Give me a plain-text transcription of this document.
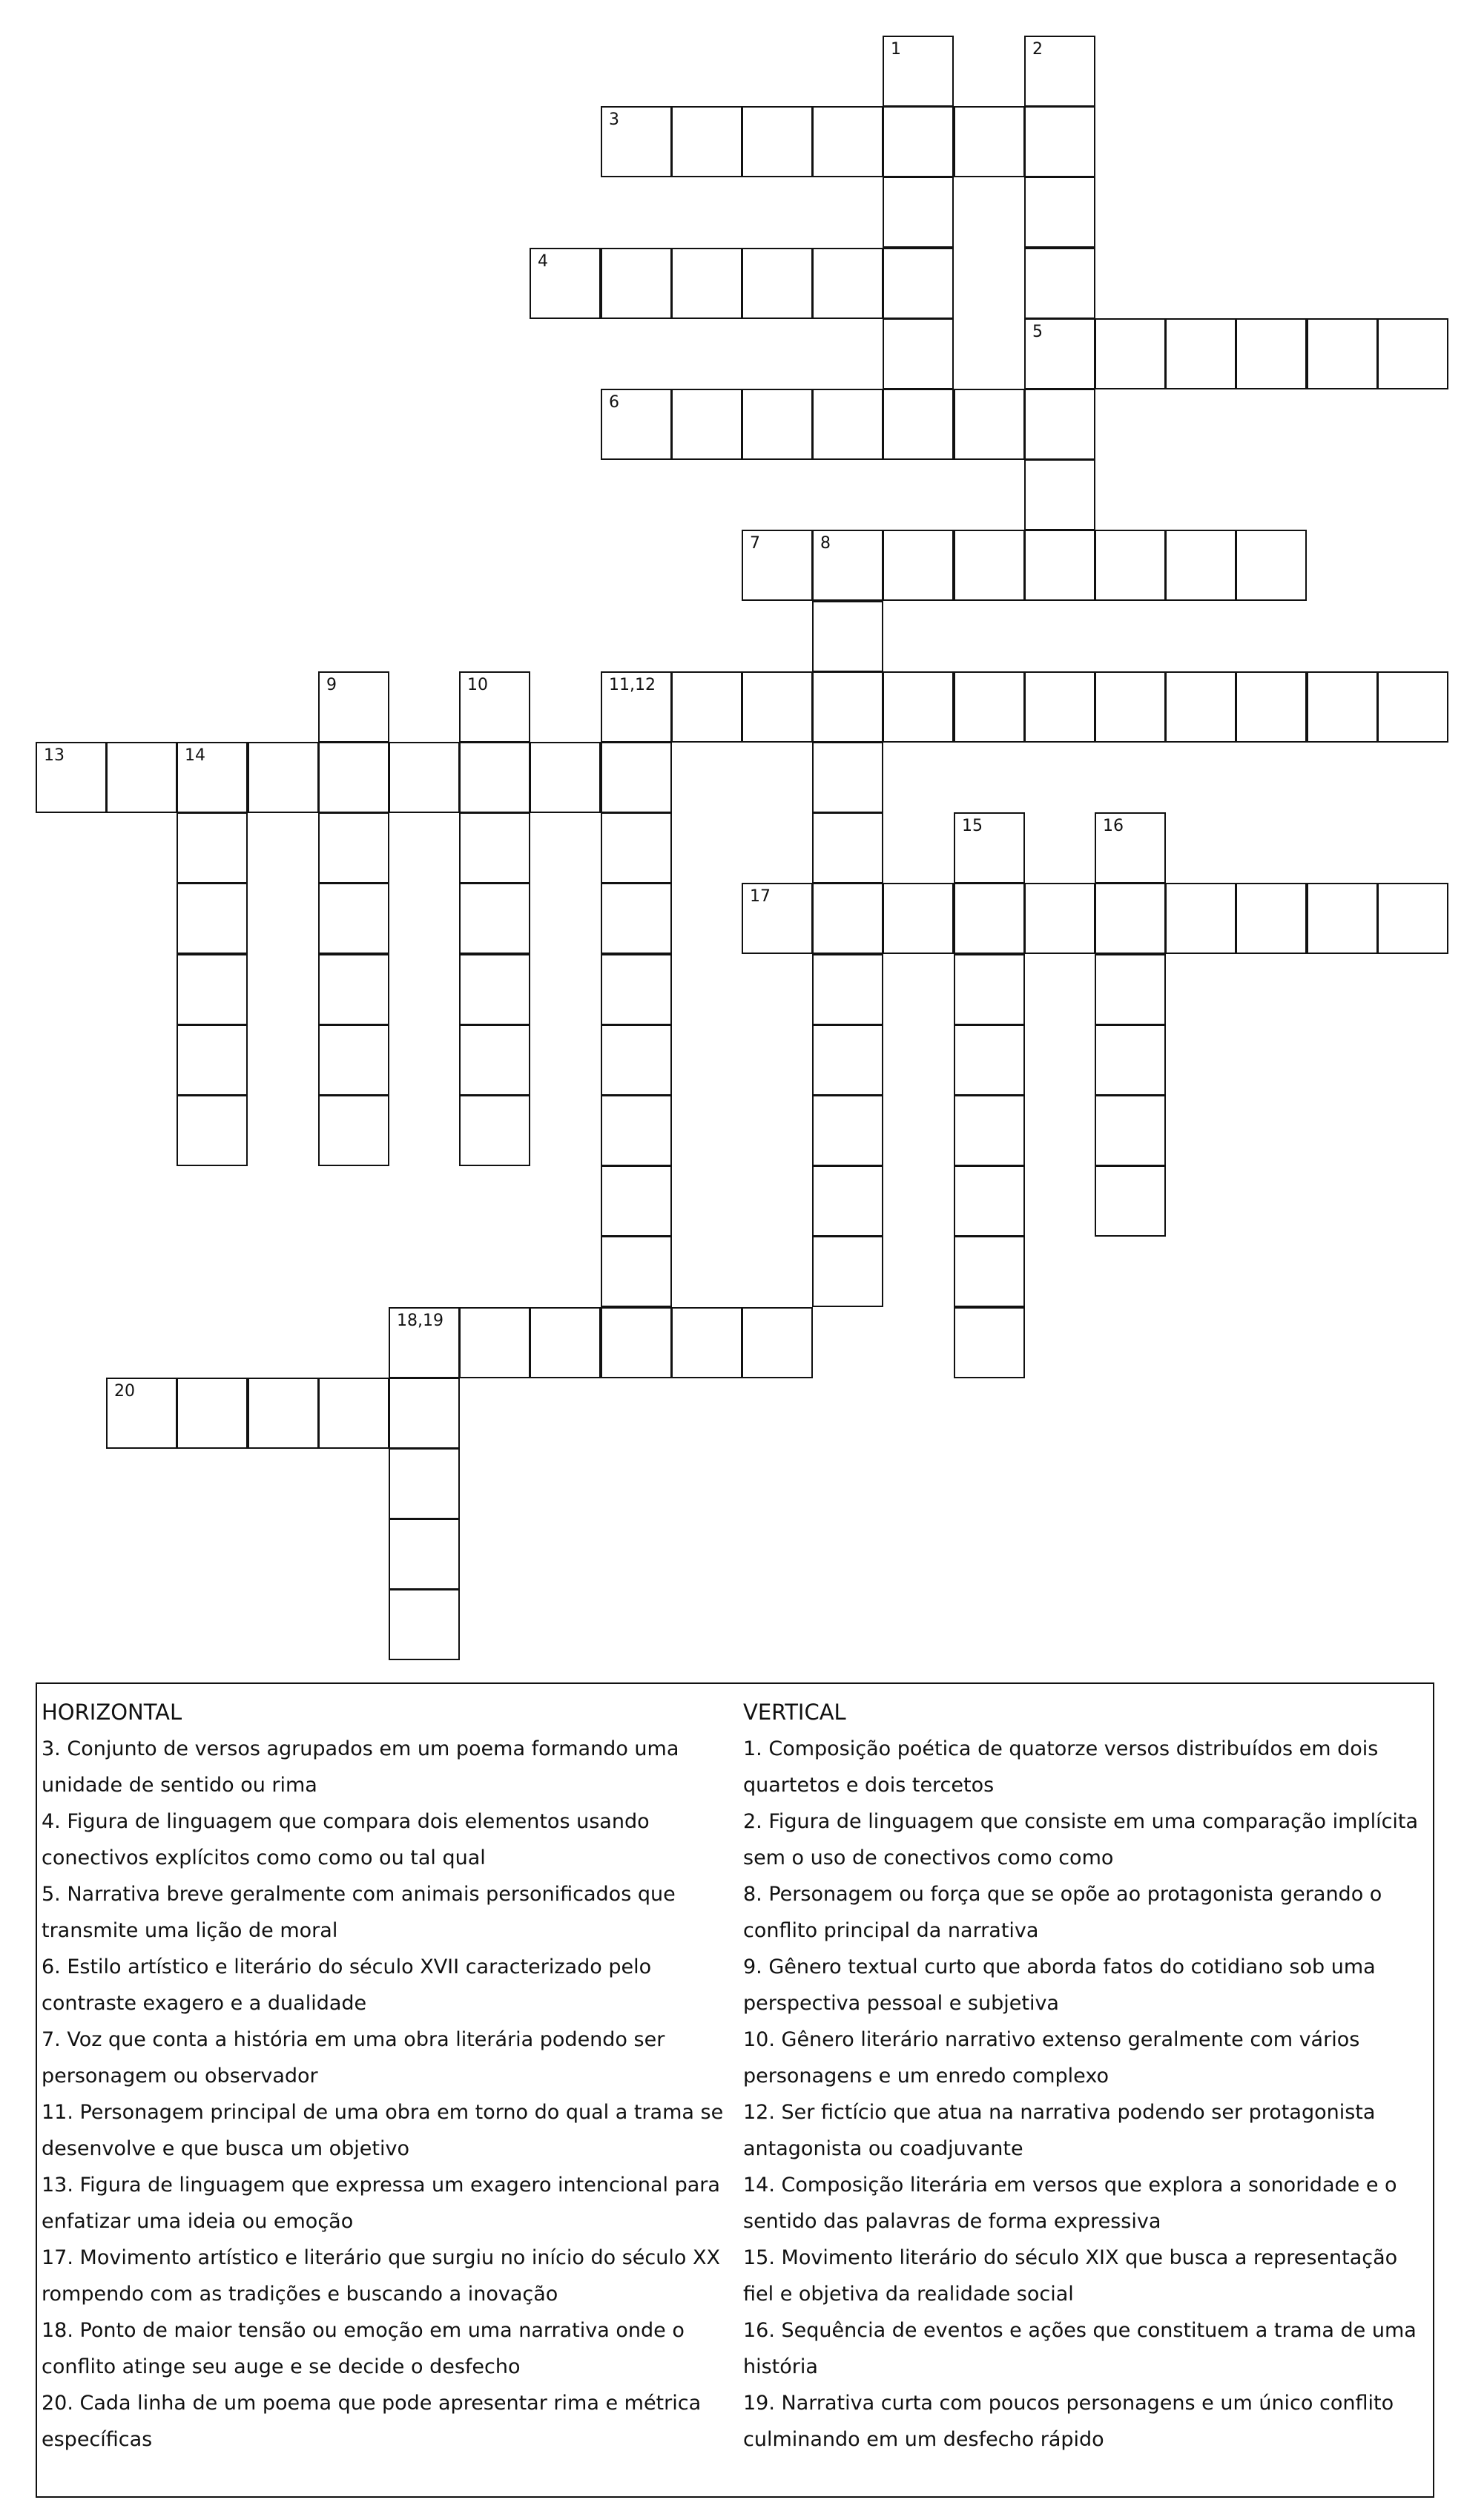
1	2
3
4
5
6
7	8
9	10	11,12
13	14
15	16
17
18,19
20
HORIZONTAL
3. Conjunto de versos agrupados em um poema formando uma
unidade de sentido ou rima
4. Figura de linguagem que compara dois elementos usando
conectivos explícitos como como ou tal qual
5. Narrativa breve geralmente com animais personificados que
transmite uma lição de moral
6. Estilo artístico e literário do século XVII caracterizado pelo
contraste exagero e a dualidade
7. Voz que conta a história em uma obra literária podendo ser
personagem ou observador
11. Personagem principal de uma obra em torno do qual a trama se
desenvolve e que busca um objetivo
13. Figura de linguagem que expressa um exagero intencional para
enfatizar uma ideia ou emoção
17. Movimento artístico e literário que surgiu no início do século XX
rompendo com as tradições e buscando a inovação
18. Ponto de maior tensão ou emoção em uma narrativa onde o
conflito atinge seu auge e se decide o desfecho
20. Cada linha de um poema que pode apresentar rima e métrica
específicas
VERTICAL
1. Composição poética de quatorze versos distribuídos em dois
quartetos e dois tercetos
2. Figura de linguagem que consiste em uma comparação implícita
sem o uso de conectivos como como
8. Personagem ou força que se opõe ao protagonista gerando o
conflito principal da narrativa
9. Gênero textual curto que aborda fatos do cotidiano sob uma
perspectiva pessoal e subjetiva
10. Gênero literário narrativo extenso geralmente com vários
personagens e um enredo complexo
12. Ser fictício que atua na narrativa podendo ser protagonista
antagonista ou coadjuvante
14. Composição literária em versos que explora a sonoridade e o
sentido das palavras de forma expressiva
15. Movimento literário do século XIX que busca a representação
fiel e objetiva da realidade social
16. Sequência de eventos e ações que constituem a trama de uma
história
19. Narrativa curta com poucos personagens e um único conflito
culminando em um desfecho rápido
